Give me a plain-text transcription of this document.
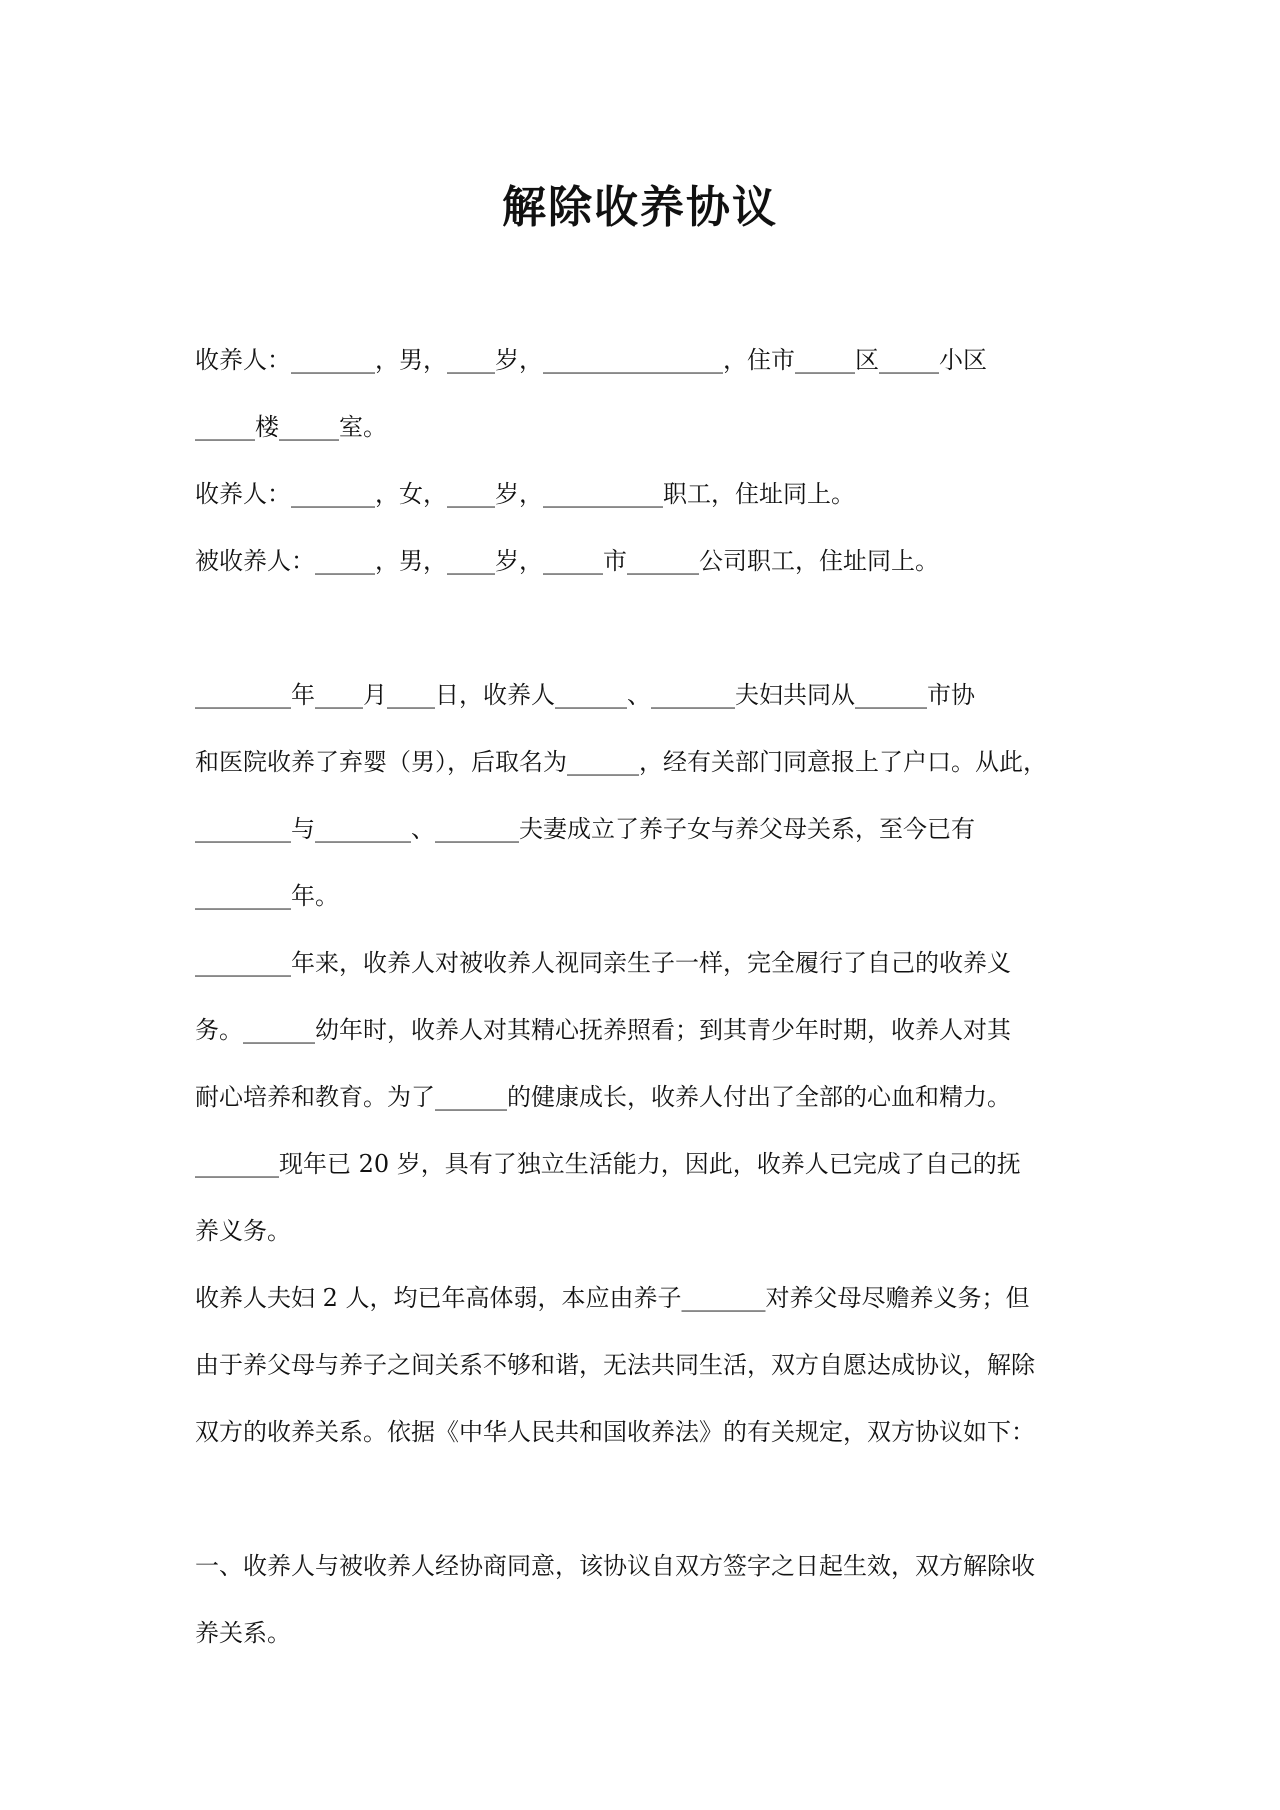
解除收养协议

收养人：_______，男，____岁，_______________，住市_____区_____小区

_____楼_____室。

收养人：_______，女，____岁，__________职工，住址同上。

被收养人：_____，男，____岁，_____市______公司职工，住址同上。

________年____月____日，收养人______、_______夫妇共同从______市协

和医院收养了弃婴（男），后取名为______，经有关部门同意报上了户口。从此，

________与________、_______夫妻成立了养子女与养父母关系，至今已有

________年。

________年来，收养人对被收养人视同亲生子一样，完全履行了自己的收养义

务。______幼年时，收养人对其精心抚养照看；到其青少年时期，收养人对其

耐心培养和教育。为了______的健康成长，收养人付出了全部的心血和精力。

_______现年已 20 岁，具有了独立生活能力，因此，收养人已完成了自己的抚

养义务。

收养人夫妇 2 人，均已年高体弱，本应由养子_______对养父母尽赡养义务；但

由于养父母与养子之间关系不够和谐，无法共同生活，双方自愿达成协议，解除

双方的收养关系。依据《中华人民共和国收养法》的有关规定，双方协议如下：

一、收养人与被收养人经协商同意，该协议自双方签字之日起生效，双方解除收

养关系。
